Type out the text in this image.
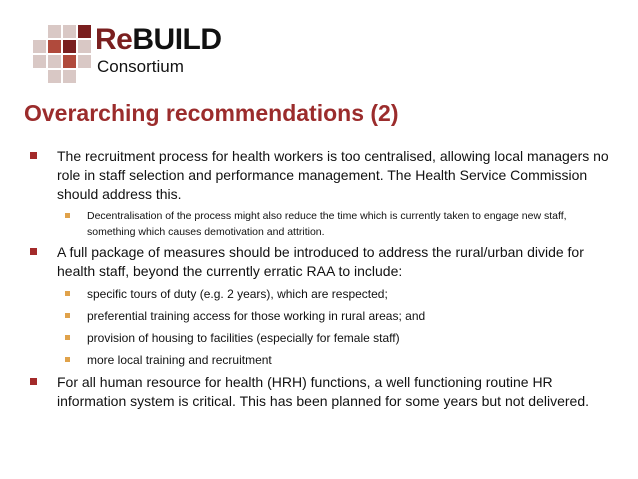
ReBUILD
Consortium
Overarching recommendations (2)
The recruitment process for health workers is too centralised, allowing local managers no role in staff selection and performance management. The Health Service Commission should address this.
Decentralisation of the process might also reduce the time which is currently taken to engage new staff, something which causes demotivation and attrition.
A full package of measures should be introduced to address the rural/urban divide for health staff, beyond the currently erratic RAA to include:
specific tours of duty (e.g. 2 years), which are respected;
preferential training access for those working in rural areas; and
provision of housing to facilities (especially for female staff)
more local training and recruitment
For all human resource for health (HRH) functions, a well functioning routine HR information system is critical. This has been planned for some years but not delivered.
